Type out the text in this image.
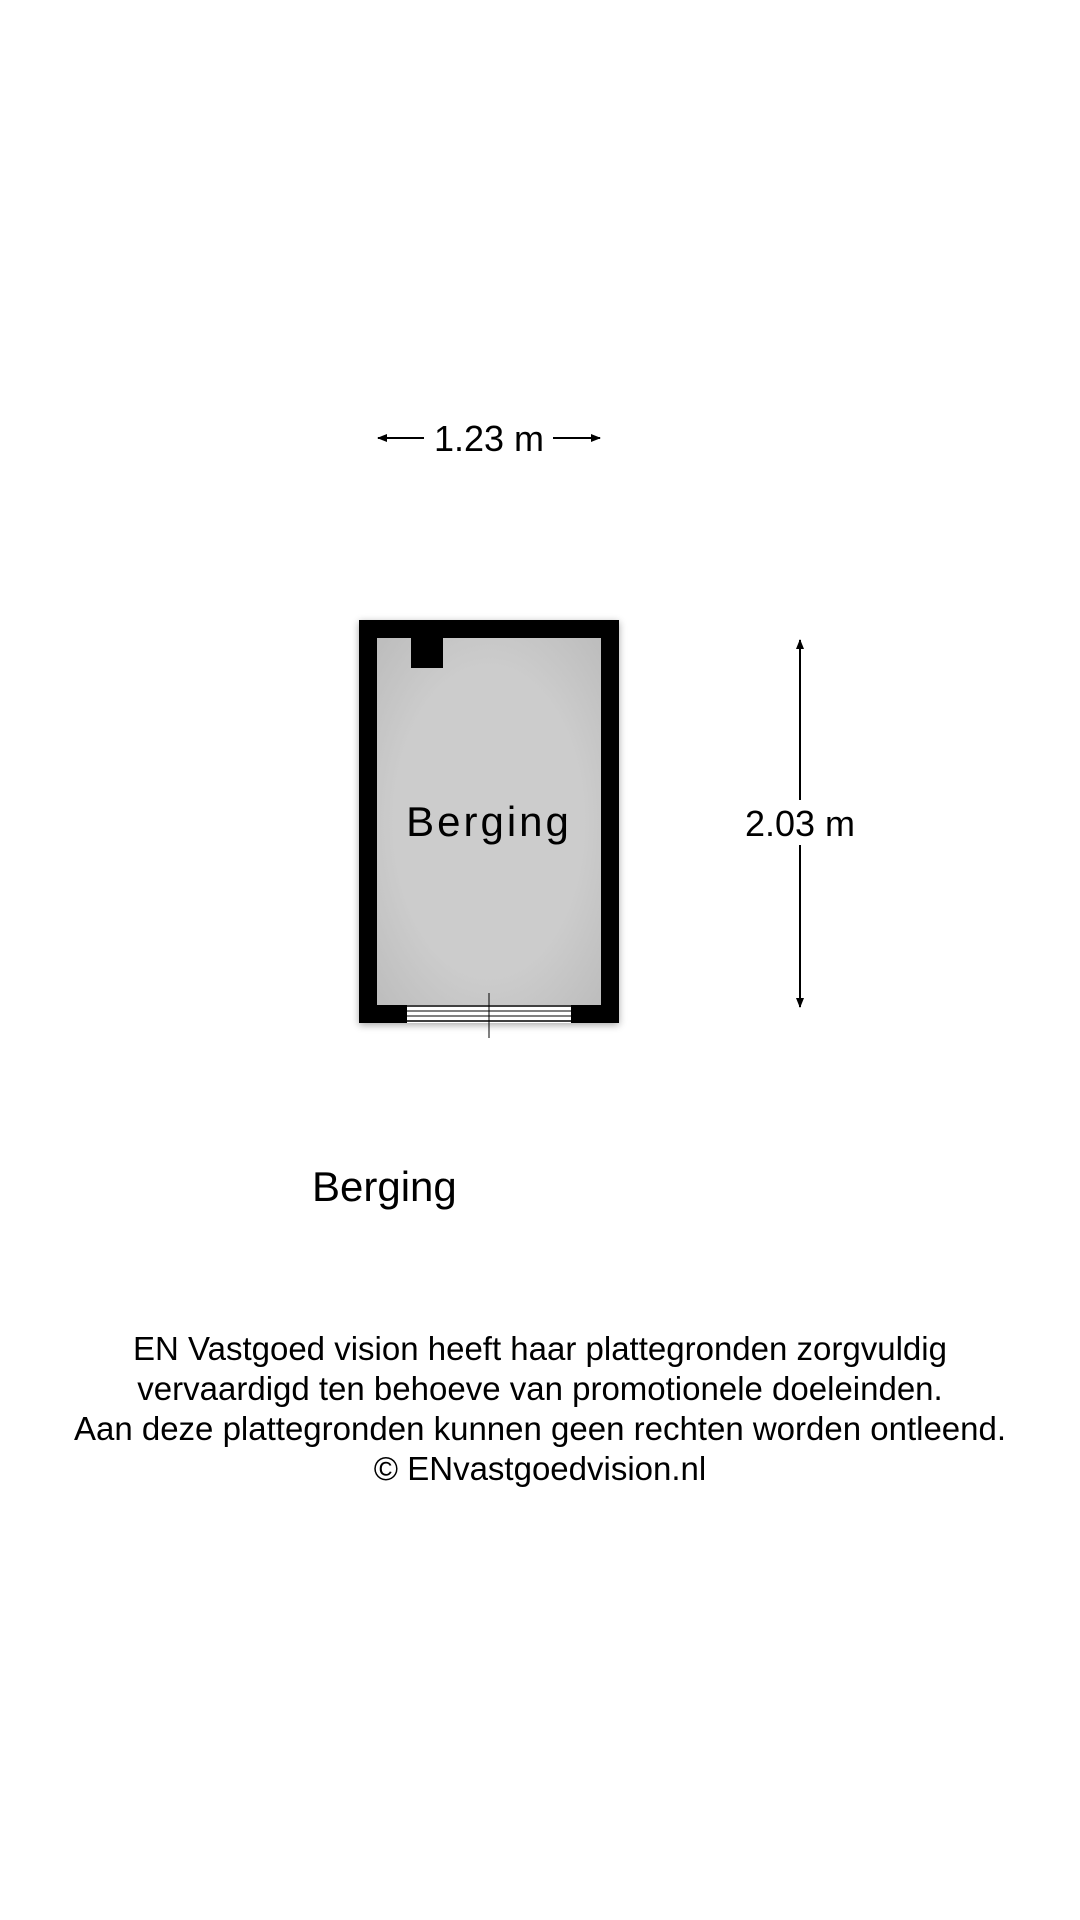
1.23 m
Berging	2.03 m
Berging
EN Vastgoed vision heeft haar plattegronden zorgvuldig
vervaardigd ten behoeve van promotionele doeleinden.
Aan deze plattegronden kunnen geen rechten worden ontleend.
© ENvastgoedvision.nl
